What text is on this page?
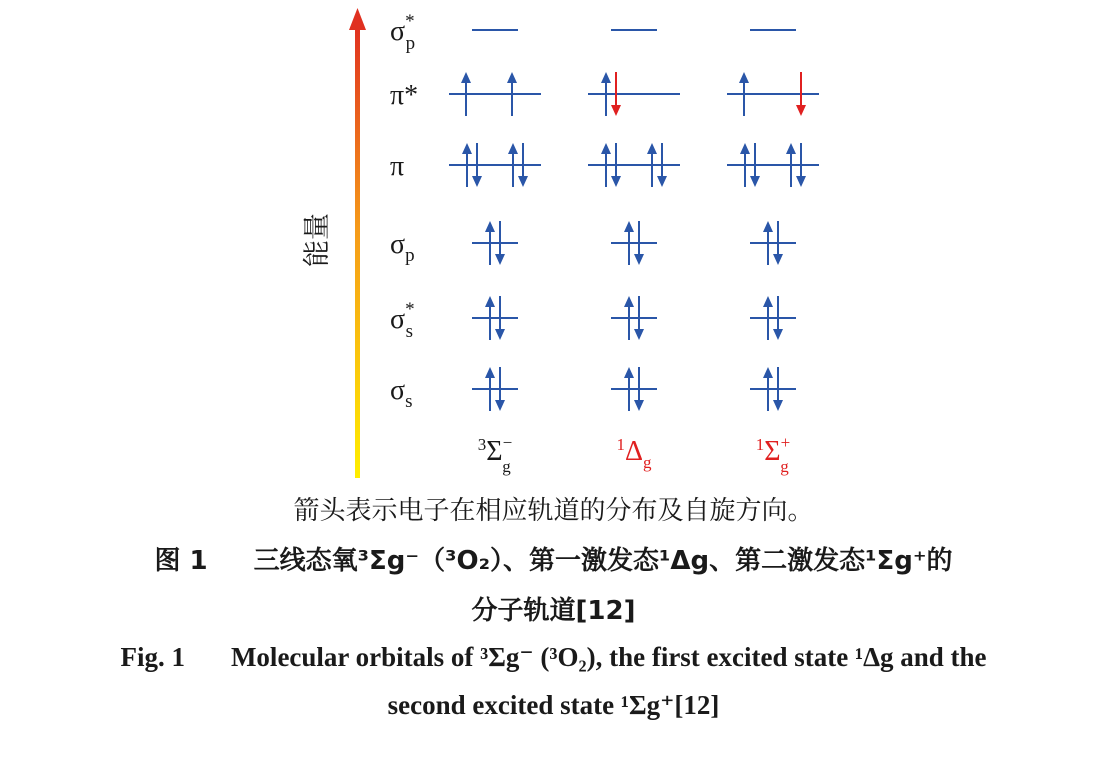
能量
σ* p
π*
π
$\sigma_p$
σ* s
$\sigma_s$
$^3$Σ− g
$^1\Delta_g$
$^1$Σ+ g
箭头表示电子在相应轨道的分布及自旋方向。
图 1 三线态氧³Σg⁻（³O₂）、第一激发态¹Δg、第二激发态¹Σg⁺的
分子轨道[12]
Fig. 1 Molecular orbitals of ³Σg⁻ (³O₂), the first excited state ¹Δg and the
second excited state ¹Σg⁺[12]
